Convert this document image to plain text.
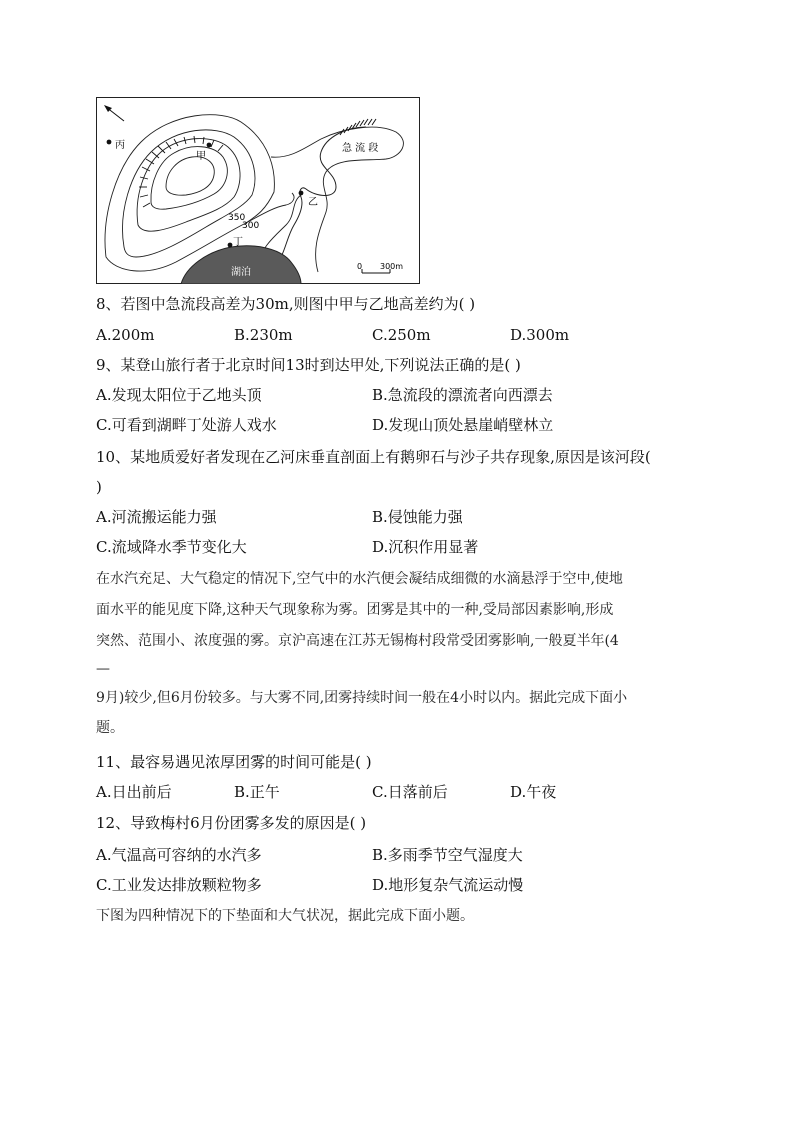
丙
甲
乙
丁
急 流 段
湖泊
350
300
0 300m
8、若图中急流段高差为30m,则图中甲与乙地高差约为( )
A.200m	B.230m	C.250m	D.300m
9、某登山旅行者于北京时间13时到达甲处,下列说法正确的是( )
A.发现太阳位于乙地头顶	B.急流段的漂流者向西漂去
C.可看到湖畔丁处游人戏水	D.发现山顶处悬崖峭壁林立
10、某地质爱好者发现在乙河床垂直剖面上有鹅卵石与沙子共存现象,原因是该河段(
)
A.河流搬运能力强	B.侵蚀能力强
C.流域降水季节变化大	D.沉积作用显著
在水汽充足、大气稳定的情况下,空气中的水汽便会凝结成细微的水滴悬浮于空中,使地
面水平的能见度下降,这种天气现象称为雾。团雾是其中的一种,受局部因素影响,形成
突然、范围小、浓度强的雾。京沪高速在江苏无锡梅村段常受团雾影响,一般夏半年(4
—
9月)较少,但6月份较多。与大雾不同,团雾持续时间一般在4小时以内。据此完成下面小
题。
11、最容易遇见浓厚团雾的时间可能是( )
A.日出前后	B.正午	C.日落前后	D.午夜
12、导致梅村6月份团雾多发的原因是( )
A.气温高可容纳的水汽多	B.多雨季节空气湿度大
C.工业发达排放颗粒物多	D.地形复杂气流运动慢
下图为四种情况下的下垫面和大气状况，据此完成下面小题。
